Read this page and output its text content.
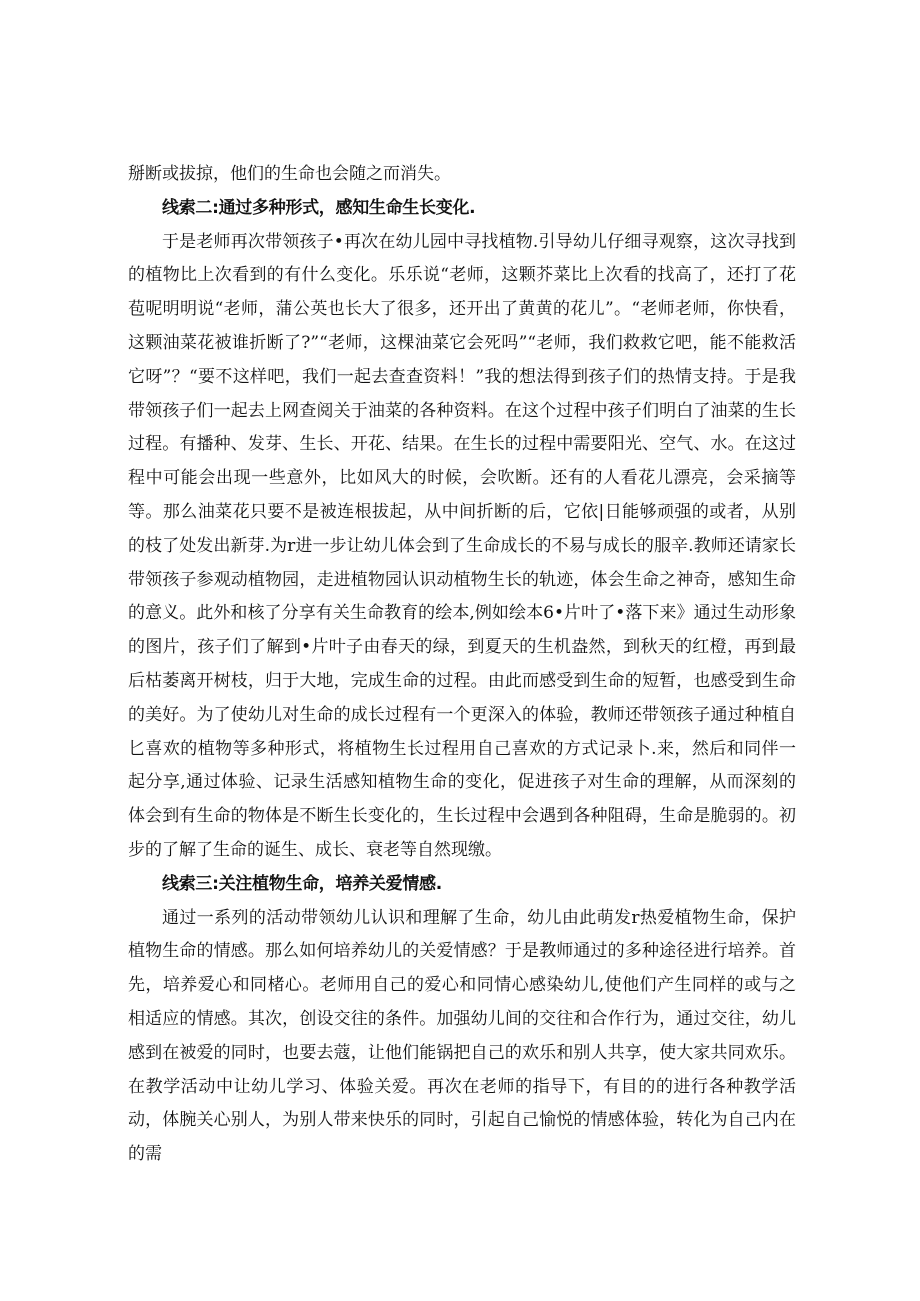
掰断或拔掠，他们的生命也会随之而消失。

线索二:通过多种形式，感知生命生长变化.

于是老师再次带领孩子•再次在幼儿园中寻找植物.引导幼儿仔细寻观察，这次寻找到的植物比上次看到的有什么变化。乐乐说“老师，这颗芥菜比上次看的找高了，还打了花苞呢明明说“老师，蒲公英也长大了很多，还开出了黄黄的花儿”。“老师老师，你快看，这颗油菜花被谁折断了?”“老师，这棵油菜它会死吗”“老师，我们救救它吧，能不能救活它呀”？“要不这样吧，我们一起去查查资料！”我的想法得到孩子们的热情支持。于是我带领孩子们一起去上网查阅关于油菜的各种资料。在这个过程中孩子们明白了油菜的生长过程。有播种、发芽、生长、开花、结果。在生长的过程中需要阳光、空气、水。在这过程中可能会出现一些意外，比如风大的时候，会吹断。还有的人看花儿漂亮，会采摘等等。那么油菜花只要不是被连根拔起，从中间折断的后，它依|日能够顽强的或者，从别的枝了处发出新芽.为r进一步让幼儿体会到了生命成长的不易与成长的服辛.教师还请家长带领孩子参观动植物园，走进植物园认识动植物生长的轨迹，体会生命之神奇，感知生命的意义。此外和核了分享有关生命教育的绘本,例如绘本6•片叶了•落下来》通过生动形象的图片，孩子们了解到•片叶子由春天的绿，到夏天的生机盎然，到秋天的红橙，再到最后枯萎离开树枝，归于大地，完成生命的过程。由此而感受到生命的短暂，也感受到生命的美好。为了使幼儿对生命的成长过程有一个更深入的体验，教师还带领孩子通过种植自匕喜欢的植物等多种形式，将植物生长过程用自己喜欢的方式记录卜.来，然后和同伴一起分享,通过体验、记录生活感知植物生命的变化，促进孩子对生命的理解，从而深刻的体会到有生命的物体是不断生长变化的，生长过程中会遇到各种阻碍，生命是脆弱的。初步的了解了生命的诞生、成长、衰老等自然现缴。

线索三:关注植物生命，培养关爱情感.

通过一系列的活动带领幼儿认识和理解了生命，幼儿由此萌发r热爱植物生命，保护植物生命的情感。那么如何培养幼儿的关爱情感？于是教师通过的多种途径进行培养。首先，培养爱心和同楮心。老师用自己的爱心和同情心感染幼儿,使他们产生同样的或与之相适应的情感。其次，创设交往的条件。加强幼儿间的交往和合作行为，通过交往，幼儿感到在被爱的同时，也要去蔻，让他们能锅把自己的欢乐和别人共享，使大家共同欢乐。在教学活动中让幼儿学习、体验关爱。再次在老师的指导下，有目的的进行各种教学活动，体腕关心别人，为别人带来快乐的同时，引起自己愉悦的情感体验，转化为自己内在的需
